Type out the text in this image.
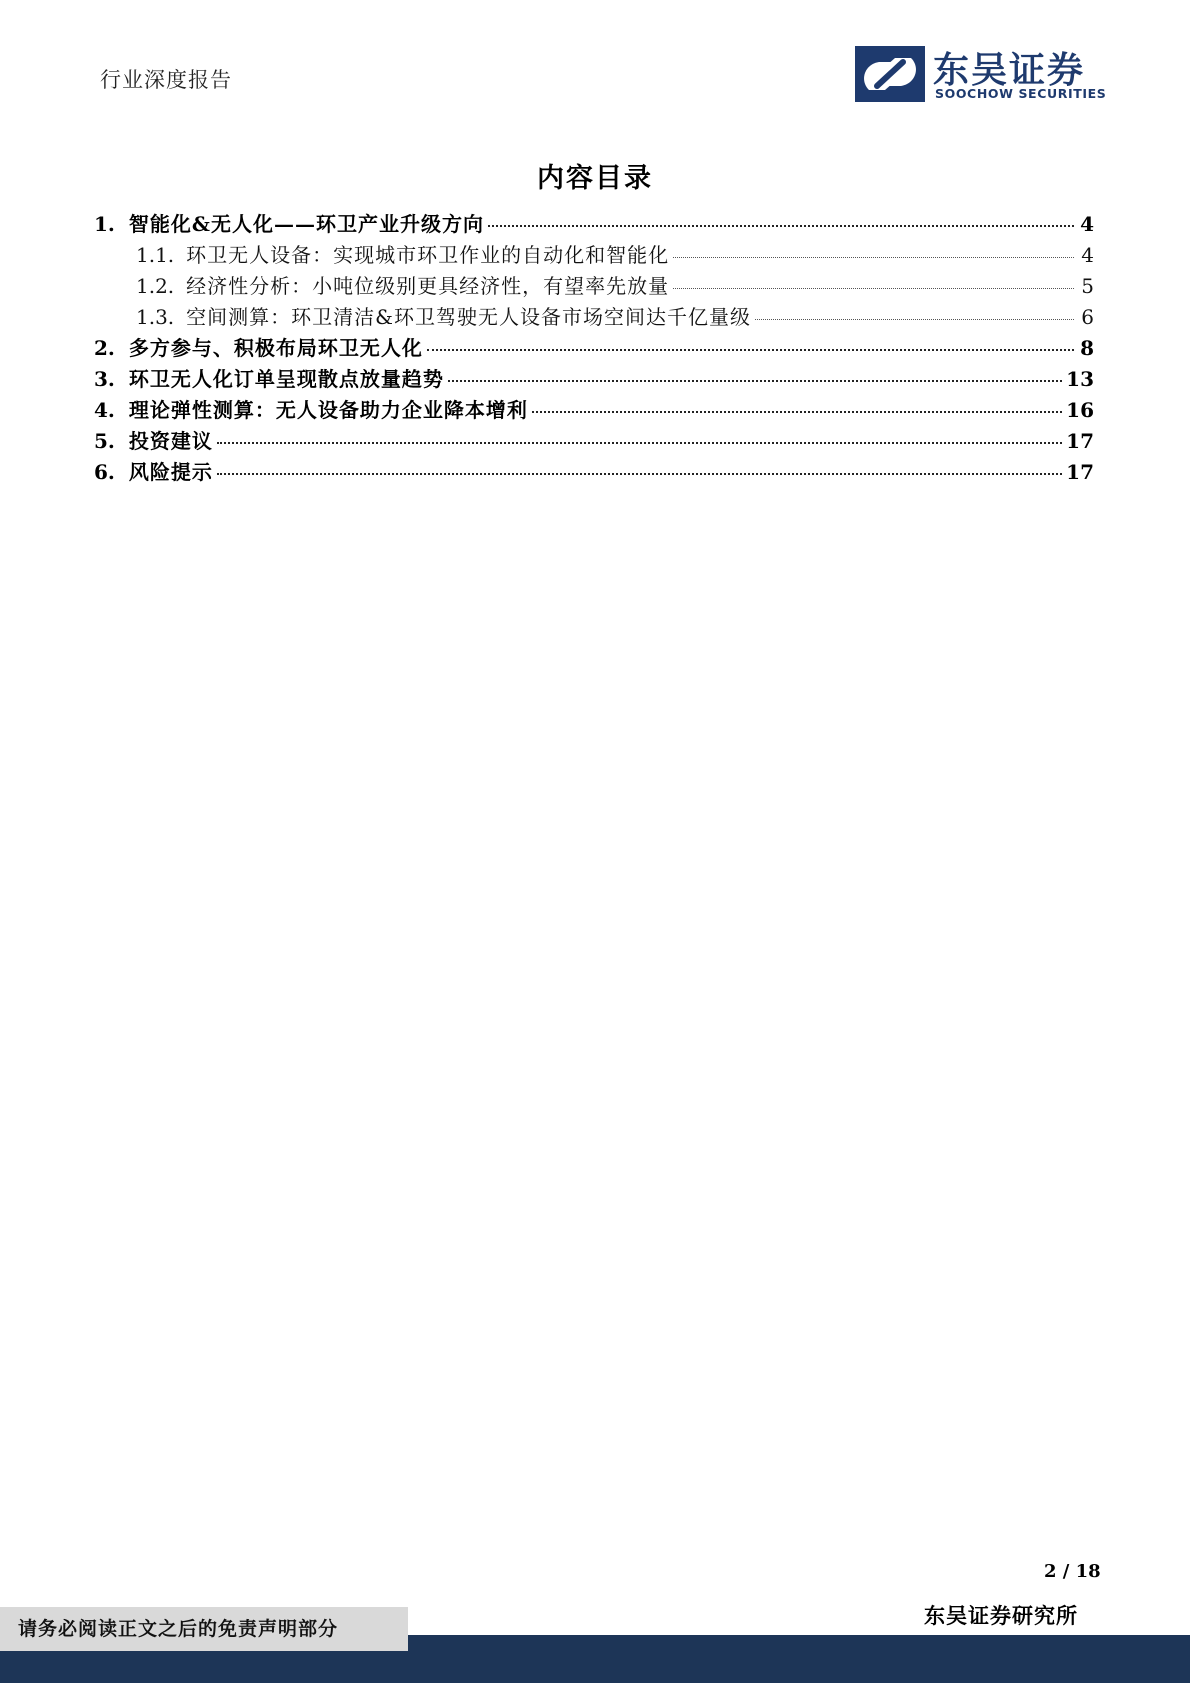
行业深度报告	东吴证券
SOOCHOW SECURITIES
内容目录
1. 智能化&无人化——环卫产业升级方向	4
1.1. 环卫无人设备：实现城市环卫作业的自动化和智能化	4
1.2. 经济性分析：小吨位级别更具经济性，有望率先放量	5
1.3. 空间测算：环卫清洁&环卫驾驶无人设备市场空间达千亿量级	6
2. 多方参与、积极布局环卫无人化	8
3. 环卫无人化订单呈现散点放量趋势	13
4. 理论弹性测算：无人设备助力企业降本增利	16
5. 投资建议	17
6. 风险提示	17
2 / 18
东吴证券研究所
请务必阅读正文之后的免责声明部分
